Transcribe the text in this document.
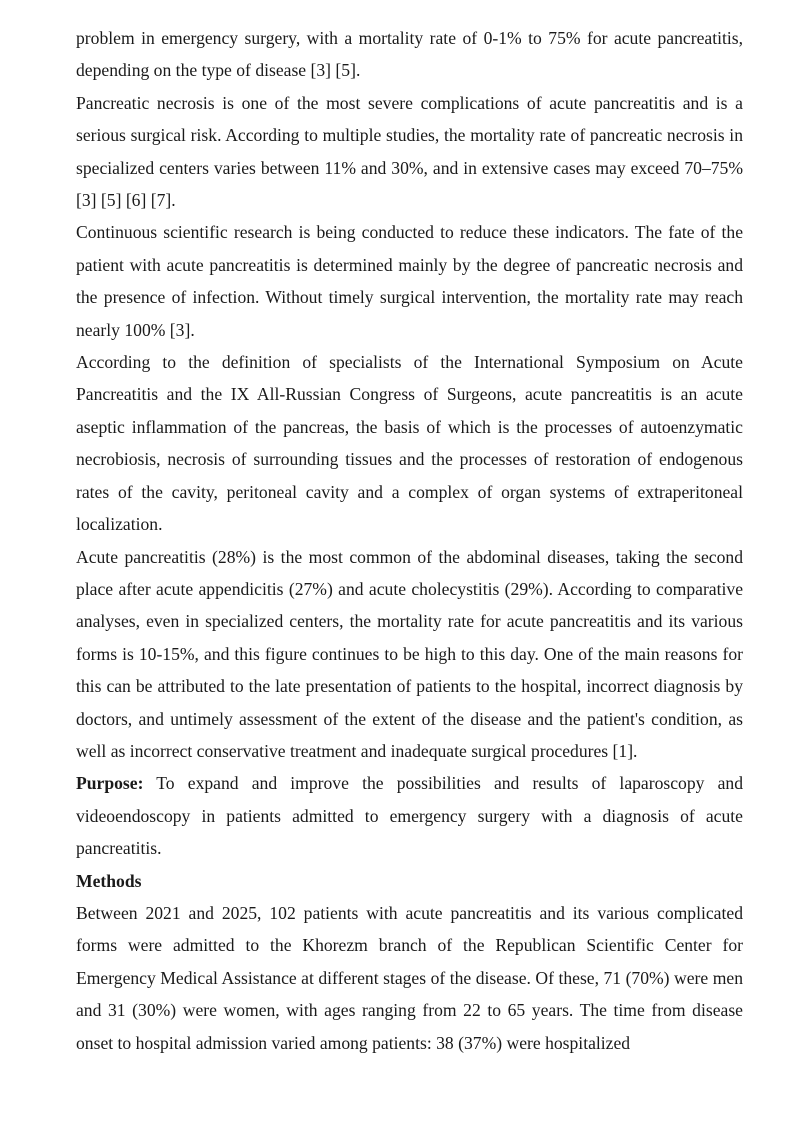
problem in emergency surgery, with a mortality rate of 0-1% to 75% for acute pancreatitis, depending on the type of disease [3] [5].

Pancreatic necrosis is one of the most severe complications of acute pancreatitis and is a serious surgical risk. According to multiple studies, the mortality rate of pancreatic necrosis in specialized centers varies between 11% and 30%, and in extensive cases may exceed 70–75% [3] [5] [6] [7].

Continuous scientific research is being conducted to reduce these indicators. The fate of the patient with acute pancreatitis is determined mainly by the degree of pancreatic necrosis and the presence of infection. Without timely surgical intervention, the mortality rate may reach nearly 100% [3].

According to the definition of specialists of the International Symposium on Acute Pancreatitis and the IX All-Russian Congress of Surgeons, acute pancreatitis is an acute aseptic inflammation of the pancreas, the basis of which is the processes of autoenzymatic necrobiosis, necrosis of surrounding tissues and the processes of restoration of endogenous rates of the cavity, peritoneal cavity and a complex of organ systems of extraperitoneal localization.

Acute pancreatitis (28%) is the most common of the abdominal diseases, taking the second place after acute appendicitis (27%) and acute cholecystitis (29%). According to comparative analyses, even in specialized centers, the mortality rate for acute pancreatitis and its various forms is 10-15%, and this figure continues to be high to this day. One of the main reasons for this can be attributed to the late presentation of patients to the hospital, incorrect diagnosis by doctors, and untimely assessment of the extent of the disease and the patient's condition, as well as incorrect conservative treatment and inadequate surgical procedures [1].

Purpose: To expand and improve the possibilities and results of laparoscopy and videoendoscopy in patients admitted to emergency surgery with a diagnosis of acute pancreatitis.

Methods

Between 2021 and 2025, 102 patients with acute pancreatitis and its various complicated forms were admitted to the Khorezm branch of the Republican Scientific Center for Emergency Medical Assistance at different stages of the disease. Of these, 71 (70%) were men and 31 (30%) were women, with ages ranging from 22 to 65 years. The time from disease onset to hospital admission varied among patients: 38 (37%) were hospitalized
